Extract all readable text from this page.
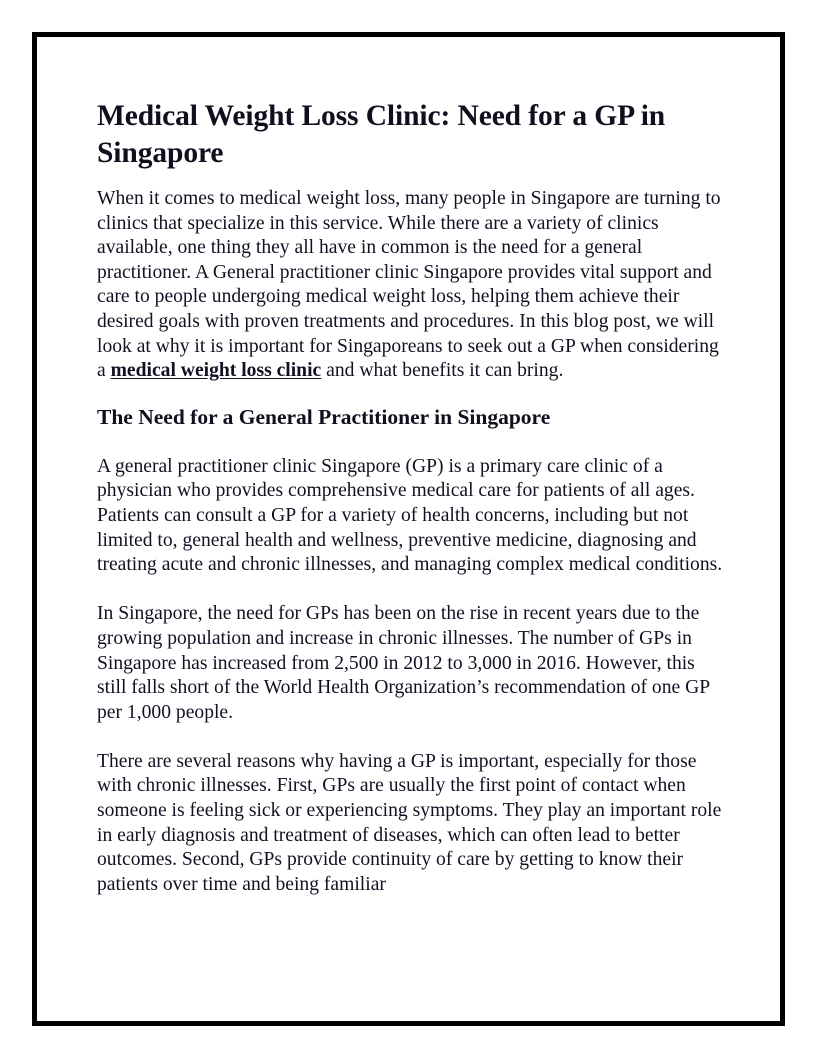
Medical Weight Loss Clinic: Need for a GP in Singapore

When it comes to medical weight loss, many people in Singapore are turning to clinics that specialize in this service. While there are a variety of clinics available, one thing they all have in common is the need for a general practitioner. A General practitioner clinic Singapore provides vital support and care to people undergoing medical weight loss, helping them achieve their desired goals with proven treatments and procedures. In this blog post, we will look at why it is important for Singaporeans to seek out a GP when considering a medical weight loss clinic and what benefits it can bring.

The Need for a General Practitioner in Singapore

A general practitioner clinic Singapore (GP) is a primary care clinic of a physician who provides comprehensive medical care for patients of all ages. Patients can consult a GP for a variety of health concerns, including but not limited to, general health and wellness, preventive medicine, diagnosing and treating acute and chronic illnesses, and managing complex medical conditions.

In Singapore, the need for GPs has been on the rise in recent years due to the growing population and increase in chronic illnesses. The number of GPs in Singapore has increased from 2,500 in 2012 to 3,000 in 2016. However, this still falls short of the World Health Organization’s recommendation of one GP per 1,000 people.

There are several reasons why having a GP is important, especially for those with chronic illnesses. First, GPs are usually the first point of contact when someone is feeling sick or experiencing symptoms. They play an important role in early diagnosis and treatment of diseases, which can often lead to better outcomes. Second, GPs provide continuity of care by getting to know their patients over time and being familiar
